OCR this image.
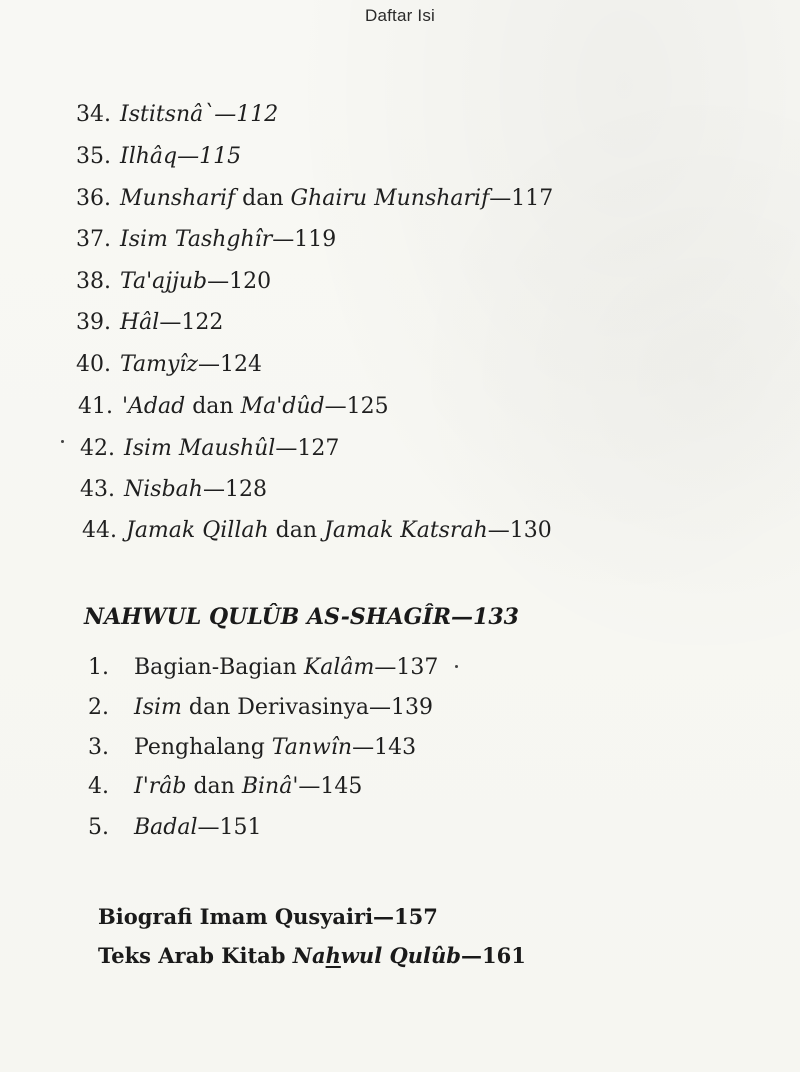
Daftar Isi
34. Istitsnâ`—112
35. Ilhâq—115
36. Munsharif dan Ghairu Munsharif—117
37. Isim Tashghîr—119
38. Ta'ajjub—120
39. Hâl—122
40. Tamyîz—124
41. 'Adad dan Ma'dûd—125
42. Isim Maushûl—127
43. Nisbah—128
44. Jamak Qillah dan Jamak Katsrah—130
NAHWUL QULÛB AS-SHAGÎR—133
1. Bagian-Bagian Kalâm—137
2. Isim dan Derivasinya—139
3. Penghalang Tanwîn—143
4. I'râb dan Binâ'—145
5. Badal—151
Biografi Imam Qusyairi—157
Teks Arab Kitab Nahwul Qulûb—161
